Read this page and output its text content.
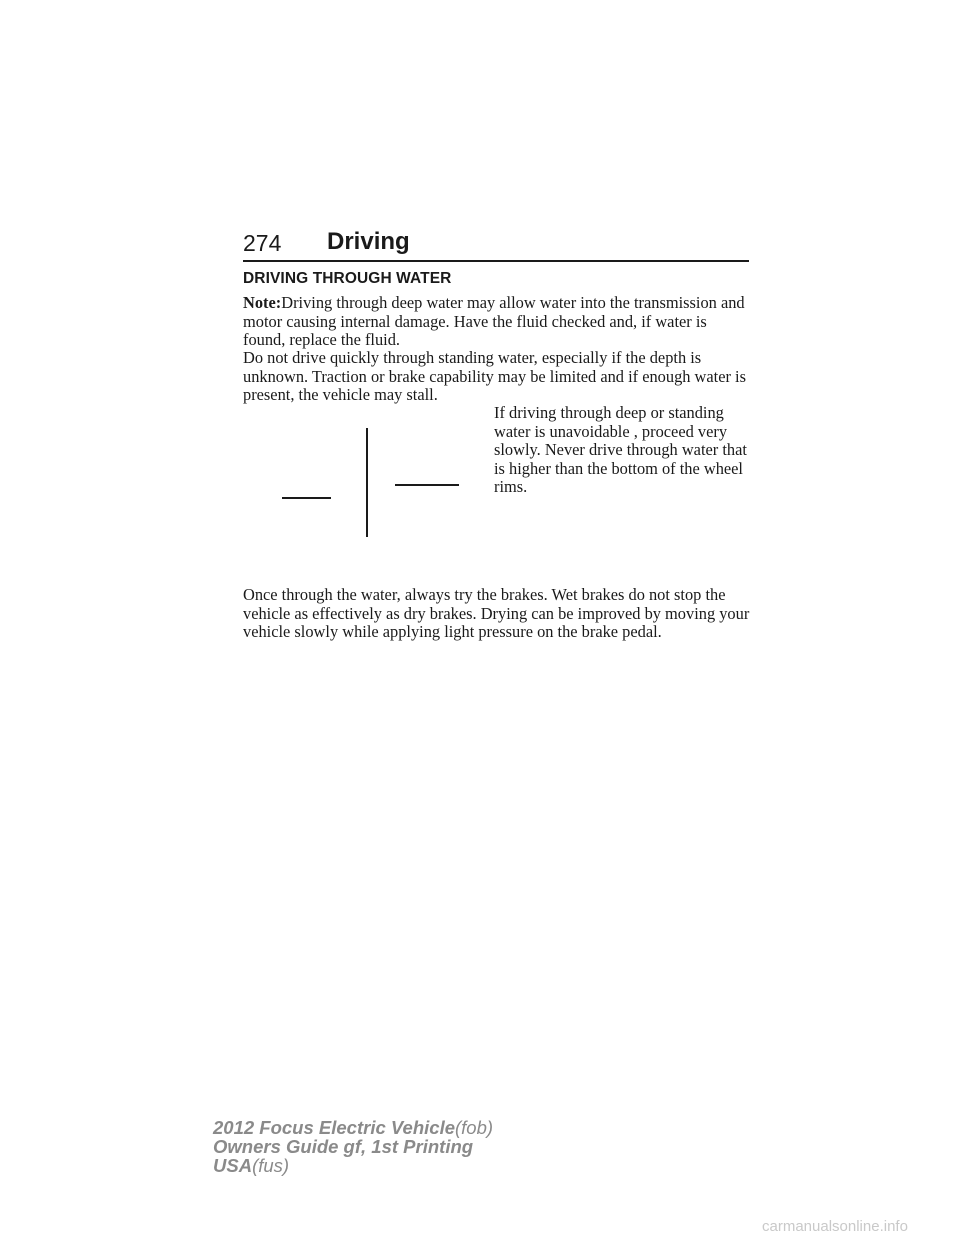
274 Driving
DRIVING THROUGH WATER

Note:Driving through deep water may allow water into the transmission and motor causing internal damage. Have the fluid checked and, if water is found, replace the fluid.

Do not drive quickly through standing water, especially if the depth is unknown. Traction or brake capability may be limited and if enough water is present, the vehicle may stall.

If driving through deep or standing water is unavoidable , proceed very slowly. Never drive through water that is higher than the bottom of the wheel rims.

Once through the water, always try the brakes. Wet brakes do not stop the vehicle as effectively as dry brakes. Drying can be improved by moving your vehicle slowly while applying light pressure on the brake pedal.

2012 Focus Electric Vehicle(fob)
Owners Guide gf, 1st Printing
USA(fus)
carmanualsonline.info
